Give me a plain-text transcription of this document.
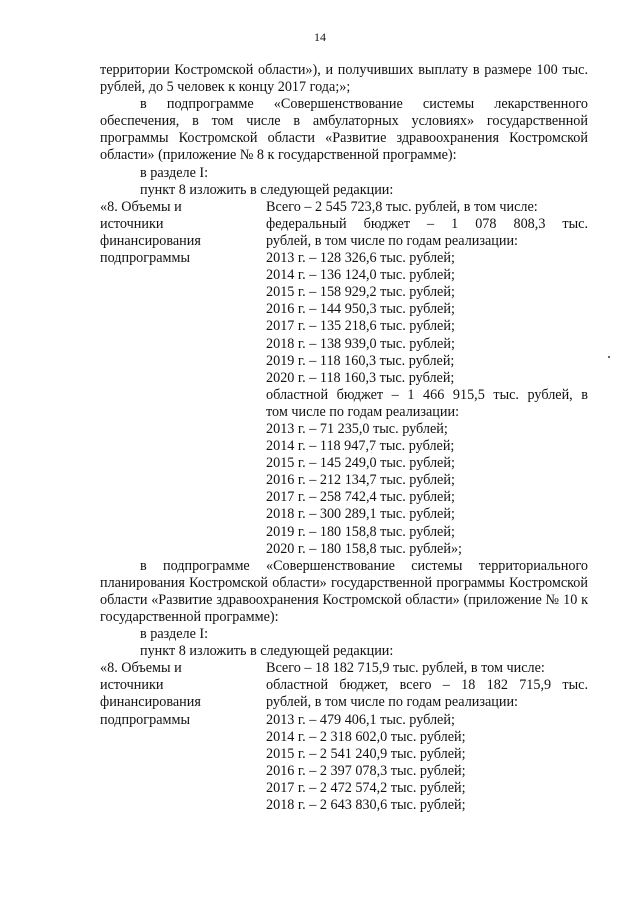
14

территории Костромской области»), и получивших выплату в размере 100 тыс. рублей, до 5 человек к концу 2017 года;»;

в подпрограмме «Совершенствование системы лекарственного обеспечения, в том числе в амбулаторных условиях» государственной программы Костромской области «Развитие здравоохранения Костромской области» (приложение № 8 к государственной программе):

в разделе I:

пункт 8 изложить в следующей редакции:

«8. Объемы и
источники
финансирования
подпрограммы
Всего – 2 545 723,8 тыс. рублей, в том числе:
федеральный бюджет – 1 078 808,3 тыс.
рублей, в том числе по годам реализации:
2013 г. – 128 326,6 тыс. рублей;
2014 г. – 136 124,0 тыс. рублей;
2015 г. – 158 929,2 тыс. рублей;
2016 г. – 144 950,3 тыс. рублей;
2017 г. – 135 218,6 тыс. рублей;
2018 г. – 138 939,0 тыс. рублей;
2019 г. – 118 160,3 тыс. рублей;
2020 г. – 118 160,3 тыс. рублей;
областной бюджет – 1 466 915,5 тыс. рублей, в
том числе по годам реализации:
2013 г. – 71 235,0 тыс. рублей;
2014 г. – 118 947,7 тыс. рублей;
2015 г. – 145 249,0 тыс. рублей;
2016 г. – 212 134,7 тыс. рублей;
2017 г. – 258 742,4 тыс. рублей;
2018 г. – 300 289,1 тыс. рублей;
2019 г. – 180 158,8 тыс. рублей;
2020 г. – 180 158,8 тыс. рублей»;

в подпрограмме «Совершенствование системы территориального планирования Костромской области» государственной программы Костромской области «Развитие здравоохранения Костромской области» (приложение № 10 к государственной программе):

в разделе I:

пункт 8 изложить в следующей редакции:

«8. Объемы и
источники
финансирования
подпрограммы
Всего – 18 182 715,9 тыс. рублей, в том числе:
областной бюджет, всего – 18 182 715,9 тыс.
рублей, в том числе по годам реализации:
2013 г. – 479 406,1 тыс. рублей;
2014 г. – 2 318 602,0 тыс. рублей;
2015 г. – 2 541 240,9 тыс. рублей;
2016 г. – 2 397 078,3 тыс. рублей;
2017 г. – 2 472 574,2 тыс. рублей;
2018 г. – 2 643 830,6 тыс. рублей;
